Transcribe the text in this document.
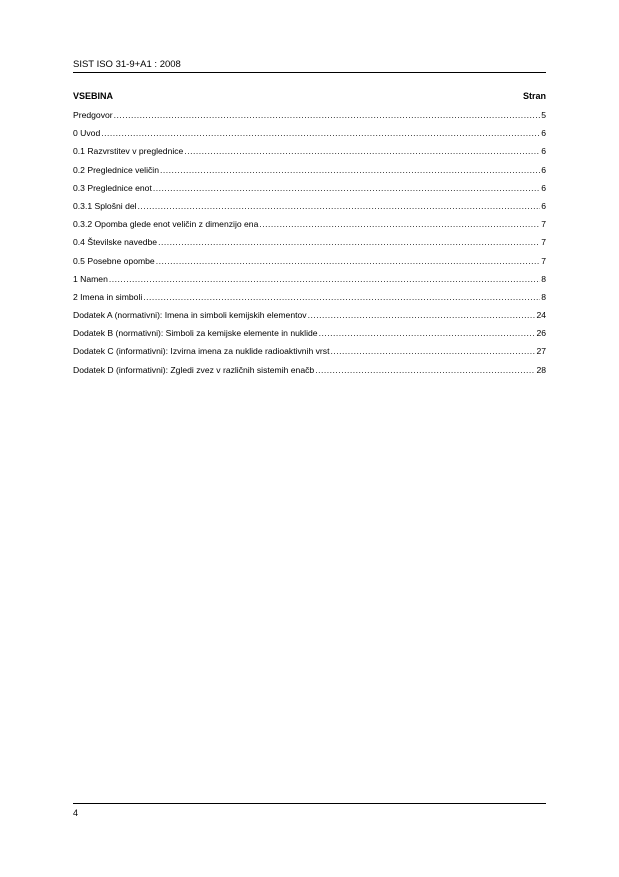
SIST ISO 31-9+A1 : 2008
VSEBINA	Stran
Predgovor .....	5
0 Uvod .....	6
0.1 Razvrstitev v preglednice .....	6
0.2 Preglednice veličin .....	6
0.3 Preglednice enot .....	6
0.3.1 Splošni del .....	6
0.3.2 Opomba glede enot veličin z dimenzijo ena .....	7
0.4 Številske navedbe .....	7
0.5 Posebne opombe .....	7
1 Namen .....	8
2 Imena in simboli .....	8
Dodatek A (normativni): Imena in simboli kemijskih elementov .....	24
Dodatek B (normativni): Simboli za kemijske elemente in nuklide .....	26
Dodatek C (informativni): Izvirna imena za nuklide radioaktivnih vrst .....	27
Dodatek D (informativni): Zgledi zvez v različnih sistemih enačb .....	28
4
